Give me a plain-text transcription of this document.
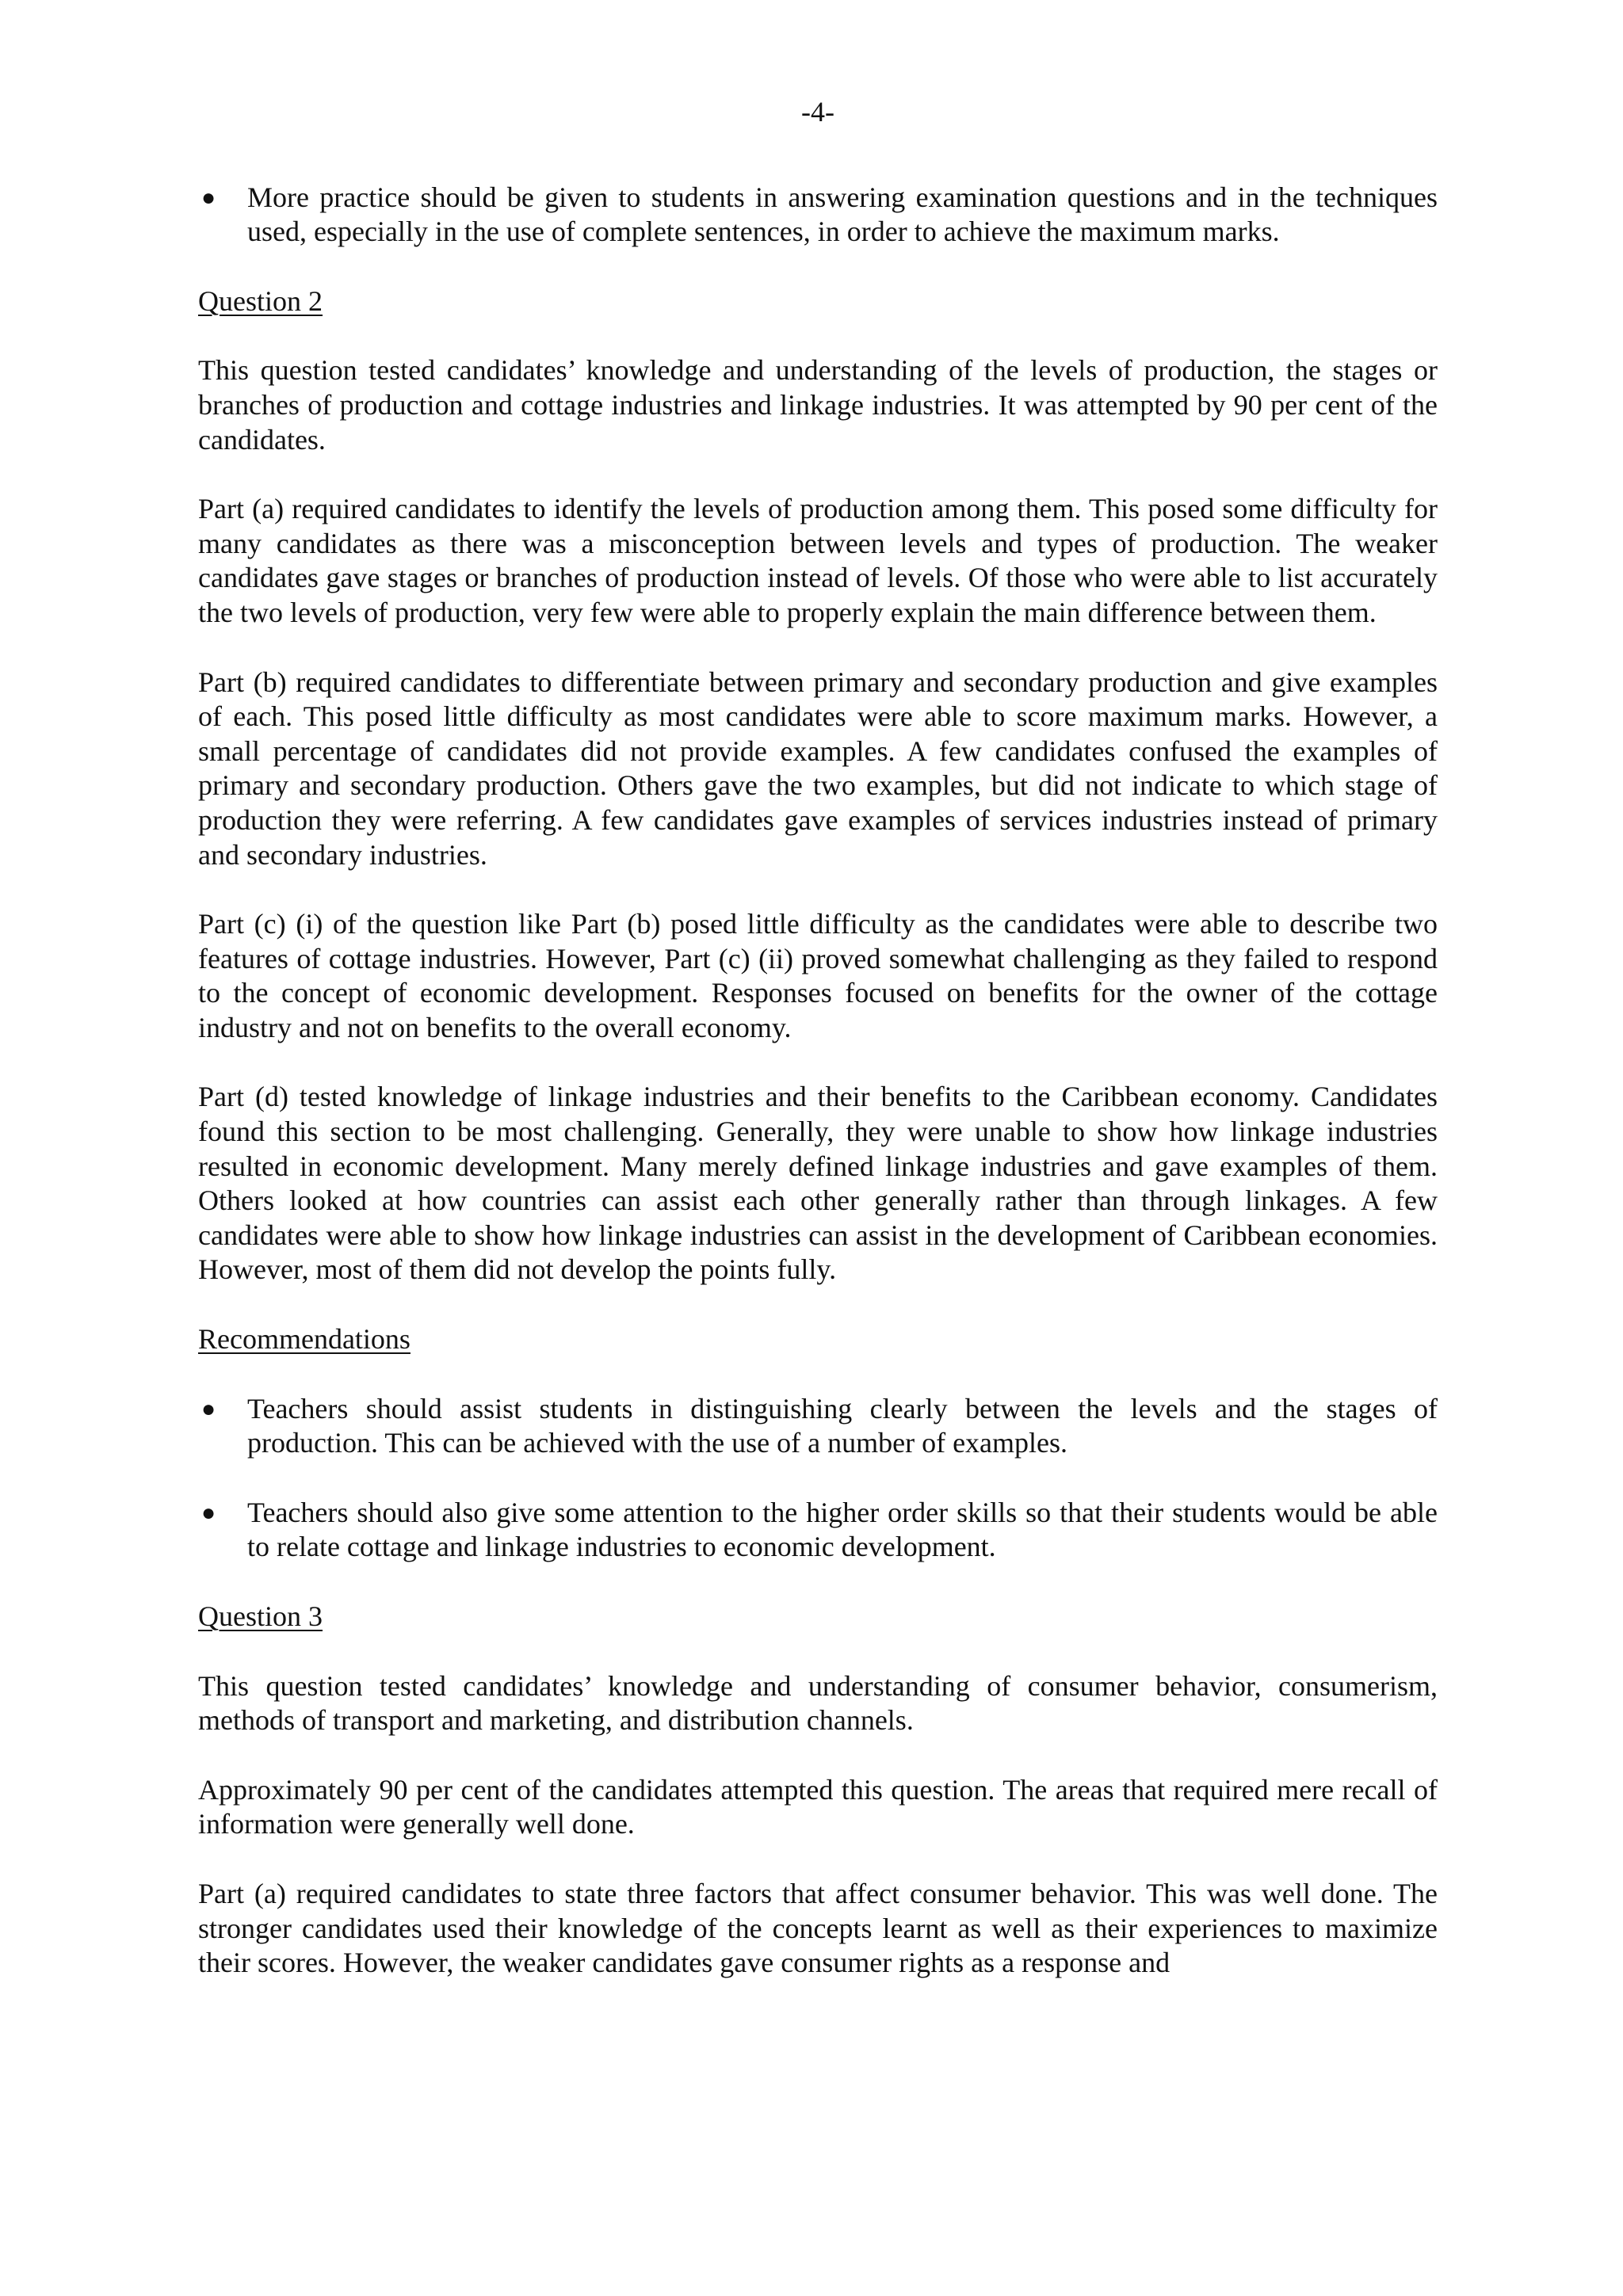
-4-
● More practice should be given to students in answering examination questions and in the techniques used, especially in the use of complete sentences, in order to achieve the maximum marks.
Question 2

This question tested candidates’ knowledge and understanding of the levels of production, the stages or branches of production and cottage industries and linkage industries. It was attempted by 90 per cent of the candidates.

Part (a) required candidates to identify the levels of production among them. This posed some difficulty for many candidates as there was a misconception between levels and types of production. The weaker candidates gave stages or branches of production instead of levels. Of those who were able to list accurately the two levels of production, very few were able to properly explain the main difference between them.

Part (b) required candidates to differentiate between primary and secondary production and give examples of each. This posed little difficulty as most candidates were able to score maximum marks. However, a small percentage of candidates did not provide examples. A few candidates confused the examples of primary and secondary production. Others gave the two examples, but did not indicate to which stage of production they were referring. A few candidates gave examples of services industries instead of primary and secondary industries.

Part (c) (i) of the question like Part (b) posed little difficulty as the candidates were able to describe two features of cottage industries. However, Part (c) (ii) proved somewhat challenging as they failed to respond to the concept of economic development. Responses focused on benefits for the owner of the cottage industry and not on benefits to the overall economy.

Part (d) tested knowledge of linkage industries and their benefits to the Caribbean economy. Candidates found this section to be most challenging. Generally, they were unable to show how linkage industries resulted in economic development. Many merely defined linkage industries and gave examples of them. Others looked at how countries can assist each other generally rather than through linkages. A few candidates were able to show how linkage industries can assist in the development of Caribbean economies. However, most of them did not develop the points fully.

Recommendations
● Teachers should assist students in distinguishing clearly between the levels and the stages of production. This can be achieved with the use of a number of examples.
● Teachers should also give some attention to the higher order skills so that their students would be able to relate cottage and linkage industries to economic development.
Question 3

This question tested candidates’ knowledge and understanding of consumer behavior, consumerism, methods of transport and marketing, and distribution channels.

Approximately 90 per cent of the candidates attempted this question. The areas that required mere recall of information were generally well done.

Part (a) required candidates to state three factors that affect consumer behavior. This was well done. The stronger candidates used their knowledge of the concepts learnt as well as their experiences to maximize their scores. However, the weaker candidates gave consumer rights as a response and
